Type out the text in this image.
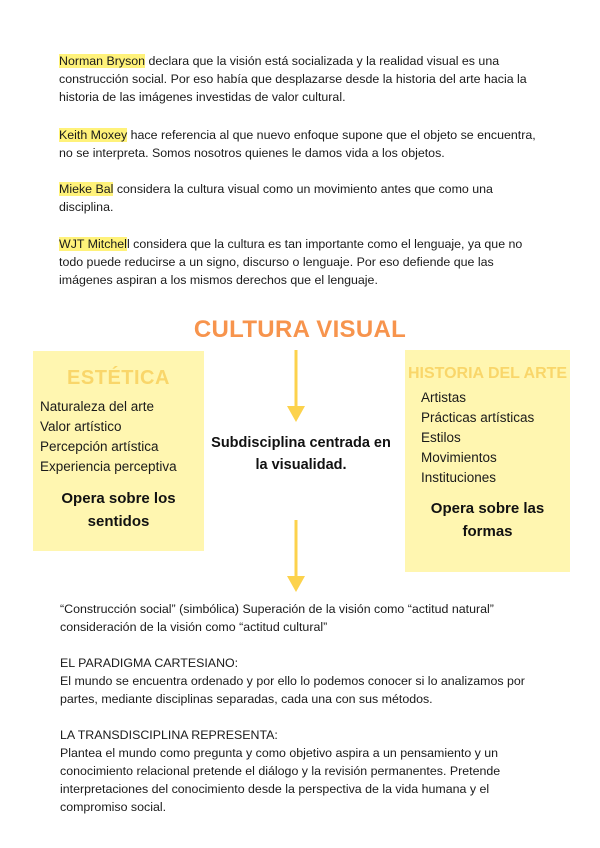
Norman Bryson declara que la visión está socializada y la realidad visual es una construcción social. Por eso había que desplazarse desde la historia del arte hacia la historia de las imágenes investidas de valor cultural.

Keith Moxey hace referencia al que nuevo enfoque supone que el objeto se encuentra, no se interpreta. Somos nosotros quienes le damos vida a los objetos.

Mieke Bal considera la cultura visual como un movimiento antes que como una disciplina.

WJT Mitchell considera que la cultura es tan importante como el lenguaje, ya que no todo puede reducirse a un signo, discurso o lenguaje. Por eso defiende que las imágenes aspiran a los mismos derechos que el lenguaje.

CULTURA VISUAL

ESTÉTICA

Naturaleza del arte
Valor artístico
Percepción artística
Experiencia perceptiva
Opera sobre los sentidos

Subdisciplina centrada en la visualidad.

HISTORIA DEL ARTE

Artistas
Prácticas artísticas
Estilos
Movimientos
Instituciones
Opera sobre las formas

“Construcción social” (simbólica) Superación de la visión como “actitud natural” consideración de la visión como “actitud cultural”

EL PARADIGMA CARTESIANO:

El mundo se encuentra ordenado y por ello lo podemos conocer si lo analizamos por partes, mediante disciplinas separadas, cada una con sus métodos.

LA TRANSDISCIPLINA REPRESENTA:

Plantea el mundo como pregunta y como objetivo aspira a un pensamiento y un conocimiento relacional pretende el diálogo y la revisión permanentes. Pretende interpretaciones del conocimiento desde la perspectiva de la vida humana y el compromiso social.
